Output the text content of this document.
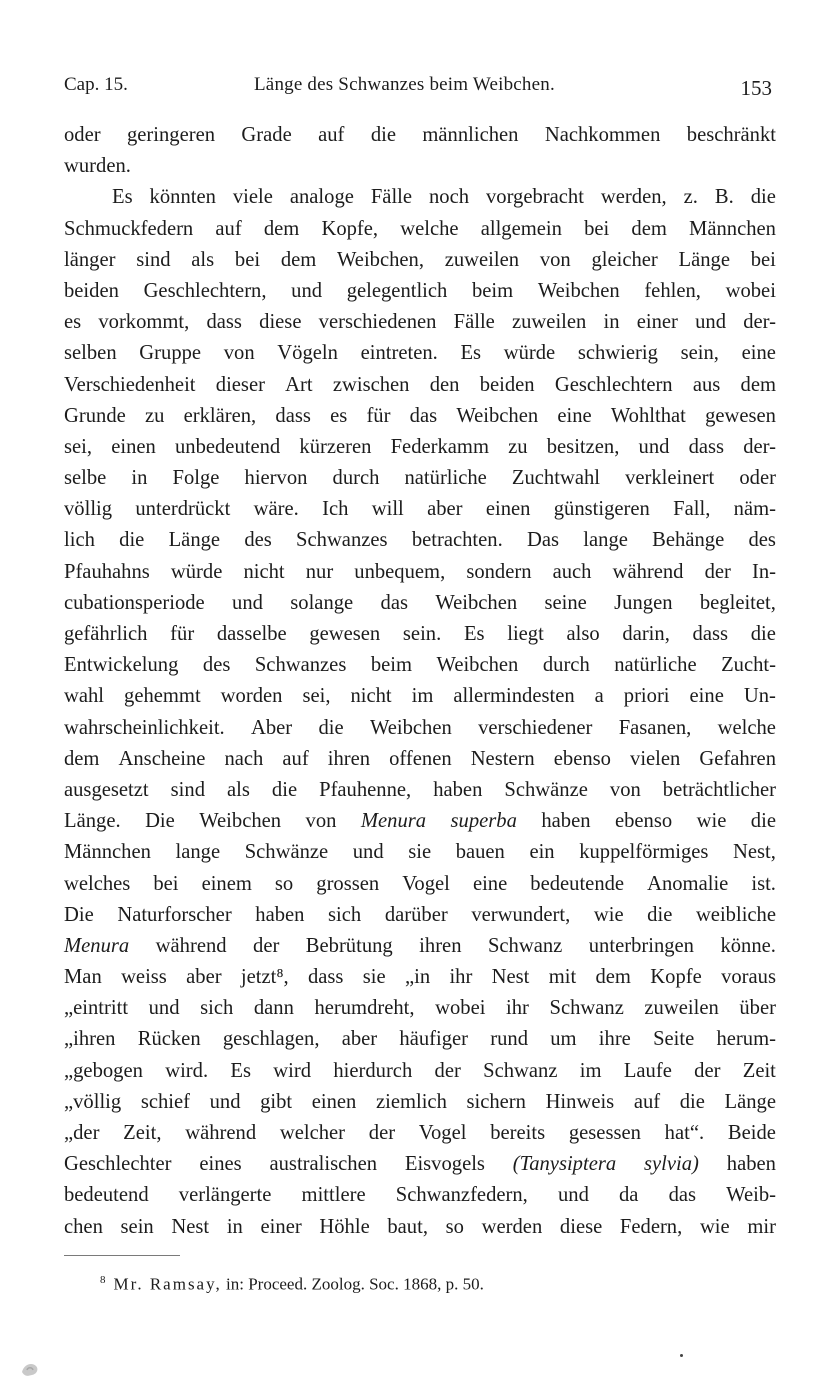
Cap. 15.	Länge des Schwanzes beim Weibchen.	153
oder geringeren Grade auf die männlichen Nachkommen beschränkt
wurden.
Es könnten viele analoge Fälle noch vorgebracht werden, z. B. die
Schmuckfedern auf dem Kopfe, welche allgemein bei dem Männchen
länger sind als bei dem Weibchen, zuweilen von gleicher Länge bei
beiden Geschlechtern, und gelegentlich beim Weibchen fehlen, wobei
es vorkommt, dass diese verschiedenen Fälle zuweilen in einer und der-
selben Gruppe von Vögeln eintreten. Es würde schwierig sein, eine
Verschiedenheit dieser Art zwischen den beiden Geschlechtern aus dem
Grunde zu erklären, dass es für das Weibchen eine Wohlthat gewesen
sei, einen unbedeutend kürzeren Federkamm zu besitzen, und dass der-
selbe in Folge hiervon durch natürliche Zuchtwahl verkleinert oder
völlig unterdrückt wäre. Ich will aber einen günstigeren Fall, näm-
lich die Länge des Schwanzes betrachten. Das lange Behänge des
Pfauhahns würde nicht nur unbequem, sondern auch während der In-
cubationsperiode und solange das Weibchen seine Jungen begleitet,
gefährlich für dasselbe gewesen sein. Es liegt also darin, dass die
Entwickelung des Schwanzes beim Weibchen durch natürliche Zucht-
wahl gehemmt worden sei, nicht im allermindesten a priori eine Un-
wahrscheinlichkeit. Aber die Weibchen verschiedener Fasanen, welche
dem Anscheine nach auf ihren offenen Nestern ebenso vielen Gefahren
ausgesetzt sind als die Pfauhenne, haben Schwänze von beträchtlicher
Länge. Die Weibchen von Menura superba haben ebenso wie die
Männchen lange Schwänze und sie bauen ein kuppelförmiges Nest,
welches bei einem so grossen Vogel eine bedeutende Anomalie ist.
Die Naturforscher haben sich darüber verwundert, wie die weibliche
Menura während der Bebrütung ihren Schwanz unterbringen könne.
Man weiss aber jetzt⁸, dass sie „in ihr Nest mit dem Kopfe voraus
„eintritt und sich dann herumdreht, wobei ihr Schwanz zuweilen über
„ihren Rücken geschlagen, aber häufiger rund um ihre Seite herum-
„gebogen wird. Es wird hierdurch der Schwanz im Laufe der Zeit
„völlig schief und gibt einen ziemlich sichern Hinweis auf die Länge
„der Zeit, während welcher der Vogel bereits gesessen hat“. Beide
Geschlechter eines australischen Eisvogels (Tanysiptera sylvia) haben
bedeutend verlängerte mittlere Schwanzfedern, und da das Weib-
chen sein Nest in einer Höhle baut, so werden diese Federn, wie mir
$^8$ Mr. Ramsay, in: Proceed. Zoolog. Soc. 1868, p. 50.
